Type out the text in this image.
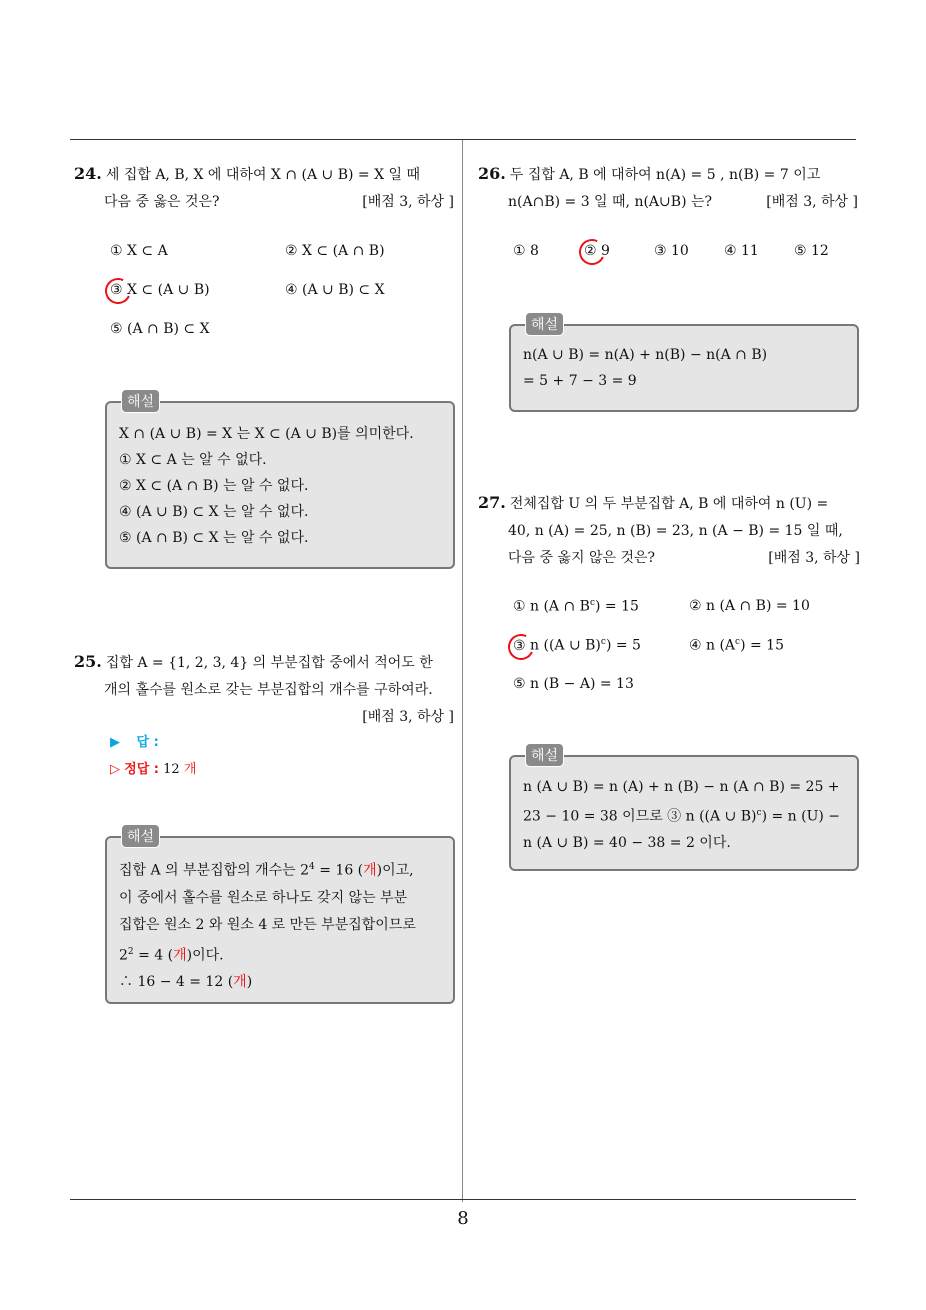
24. 세 집합 A, B, X 에 대하여 X ∩ (A ∪ B) = X 일 때
다음 중 옳은 것은?	[배점 3, 하상 ]
① X ⊂ A	② X ⊂ (A ∩ B)
③ X ⊂ (A ∪ B)	④ (A ∪ B) ⊂ X
⑤ (A ∩ B) ⊂ X
해설
X ∩ (A ∪ B) = X 는 X ⊂ (A ∪ B)를 의미한다.
① X ⊂ A 는 알 수 없다.
② X ⊂ (A ∩ B) 는 알 수 없다.
④ (A ∪ B) ⊂ X 는 알 수 없다.
⑤ (A ∩ B) ⊂ X 는 알 수 없다.
25. 집합 A = {1, 2, 3, 4} 의 부분집합 중에서 적어도 한
개의 홀수를 원소로 갖는 부분집합의 개수를 구하여라.
[배점 3, 하상 ]
▶ 답 :
▷ 정답 : 12 개
해설
집합 A 의 부분집합의 개수는 $2^4 = 16$ (개)이고,
이 중에서 홀수를 원소로 하나도 갖지 않는 부분
집합은 원소 2 와 원소 4 로 만든 부분집합이므로
$2^2 = 4$ (개)이다.
∴ 16 − 4 = 12 (개)
26. 두 집합 A, B 에 대하여 n(A) = 5 , n(B) = 7 이고
n(A∩B) = 3 일 때, n(A∪B) 는?	[배점 3, 하상 ]
① 8	② 9	③ 10	④ 11	⑤ 12
해설
n(A ∪ B) = n(A) + n(B) − n(A ∩ B)
= 5 + 7 − 3 = 9
27. 전체집합 U 의 두 부분집합 A, B 에 대하여 n (U) =
40, n (A) = 25, n (B) = 23, n (A − B) = 15 일 때,
다음 중 옳지 않은 것은?	[배점 3, 하상 ]
① n (A ∩ $B^c) = 15$	② n (A ∩ B) = 10
③ n ((A ∪ B)$^c$) = 5	④ n $(A^c) = 15$
⑤ n (B − A) = 13
해설
n (A ∪ B) = n (A) + n (B) − n (A ∩ B) = 25 +
23 − 10 = 38 이므로 ③ n ((A ∪ B)$^c$) = n (U) −
n (A ∪ B) = 40 − 38 = 2 이다.
8
